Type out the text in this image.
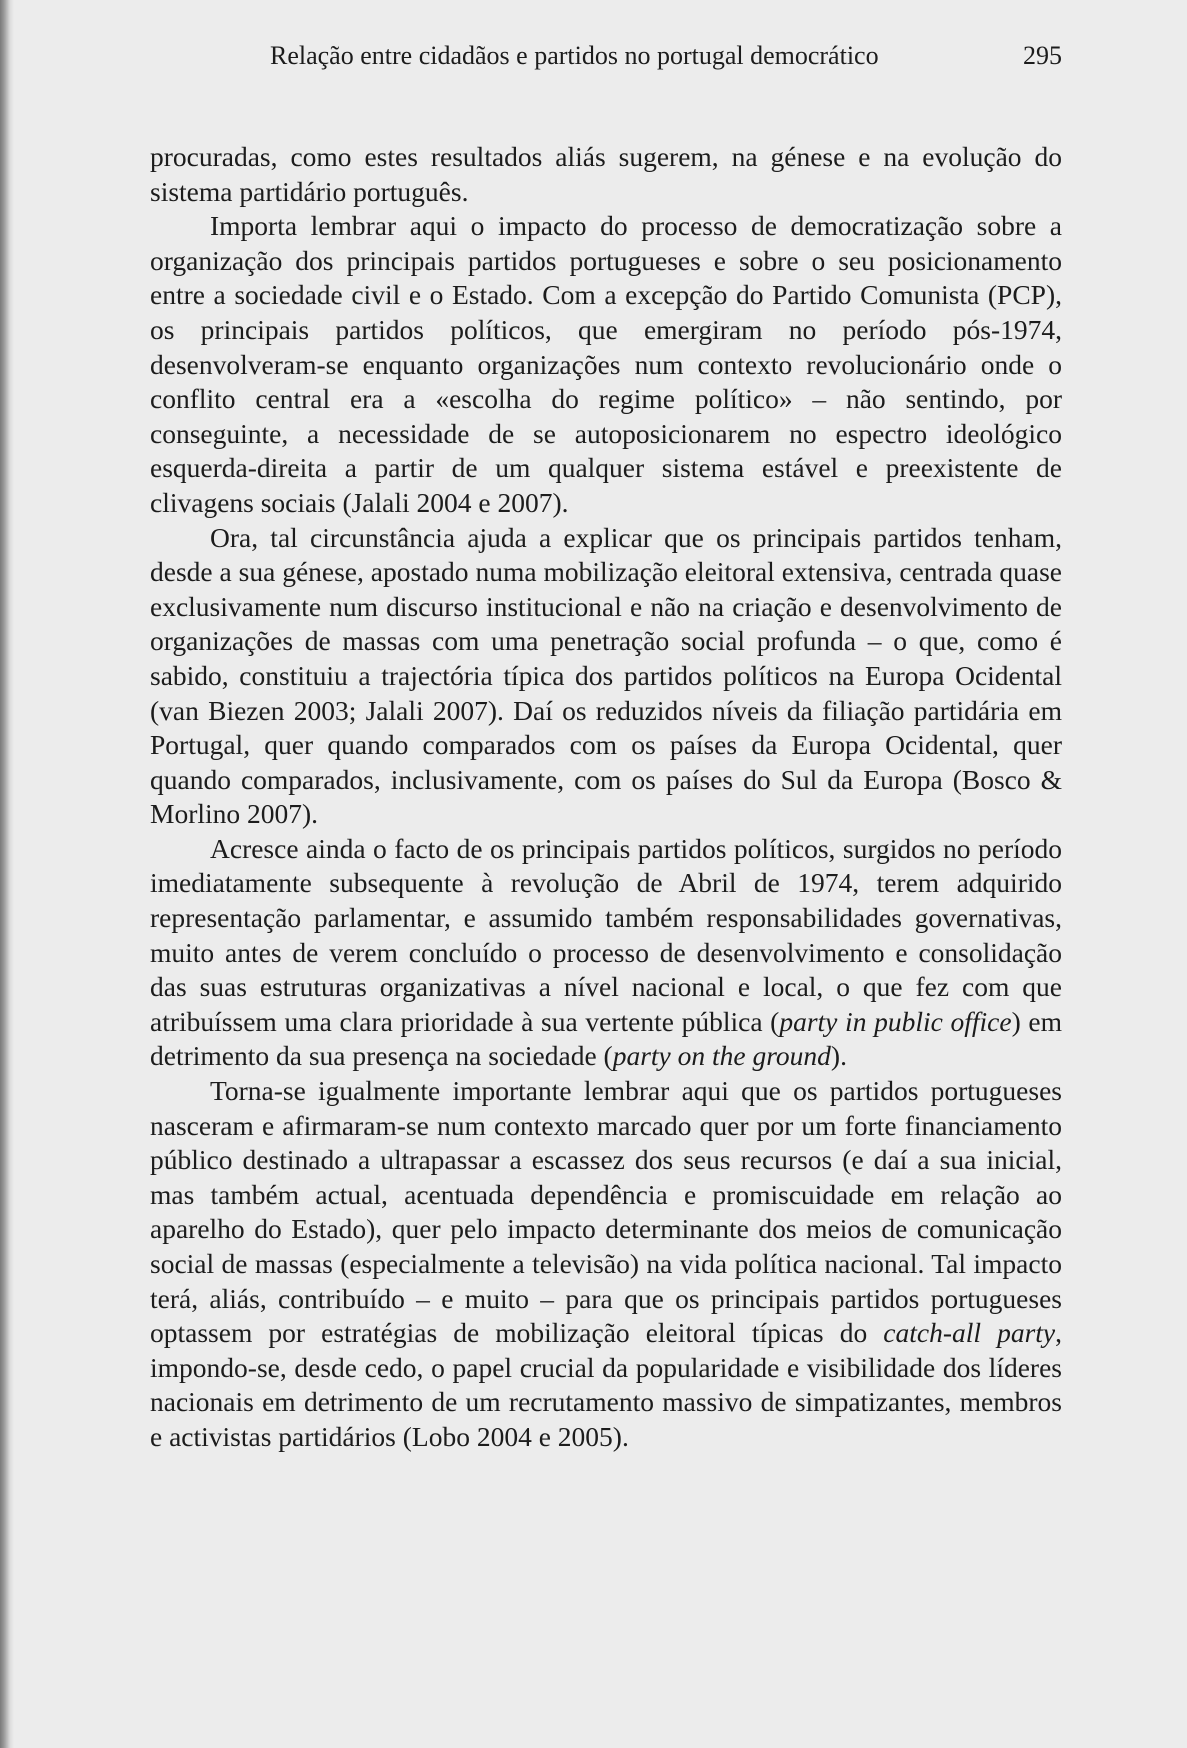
Relação entre cidadãos e partidos no portugal democrático	295

procuradas, como estes resultados aliás sugerem, na génese e na evolução do sistema partidário português.

Importa lembrar aqui o impacto do processo de democratização sobre a organização dos principais partidos portugueses e sobre o seu posicionamento entre a sociedade civil e o Estado. Com a excepção do Partido Comunista (PCP), os principais partidos políticos, que emergiram no período pós-1974, desenvolveram-se enquanto organizações num contexto revolucionário onde o conflito central era a «escolha do regime político» – não sentindo, por conseguinte, a necessidade de se autoposicionarem no espectro ideológico esquerda-direita a partir de um qualquer sistema estável e preexistente de clivagens sociais (Jalali 2004 e 2007).

Ora, tal circunstância ajuda a explicar que os principais partidos tenham, desde a sua génese, apostado numa mobilização eleitoral extensiva, centrada quase exclusivamente num discurso institucional e não na criação e desenvolvimento de organizações de massas com uma penetração social profunda – o que, como é sabido, constituiu a trajectória típica dos partidos políticos na Europa Ocidental (van Biezen 2003; Jalali 2007). Daí os reduzidos níveis da filiação partidária em Portugal, quer quando comparados com os países da Europa Ocidental, quer quando comparados, inclusivamente, com os países do Sul da Europa (Bosco & Morlino 2007).

Acresce ainda o facto de os principais partidos políticos, surgidos no período imediatamente subsequente à revolução de Abril de 1974, terem adquirido representação parlamentar, e assumido também responsabilidades governativas, muito antes de verem concluído o processo de desenvolvimento e consolidação das suas estruturas organizativas a nível nacional e local, o que fez com que atribuíssem uma clara prioridade à sua vertente pública (party in public office) em detrimento da sua presença na sociedade (party on the ground).

Torna-se igualmente importante lembrar aqui que os partidos portugueses nasceram e afirmaram-se num contexto marcado quer por um forte financiamento público destinado a ultrapassar a escassez dos seus recursos (e daí a sua inicial, mas também actual, acentuada dependência e promiscuidade em relação ao aparelho do Estado), quer pelo impacto determinante dos meios de comunicação social de massas (especialmente a televisão) na vida política nacional. Tal impacto terá, aliás, contribuído – e muito – para que os principais partidos portugueses optassem por estratégias de mobilização eleitoral típicas do catch-all party, impondo-se, desde cedo, o papel crucial da popularidade e visibilidade dos líderes nacionais em detrimento de um recrutamento massivo de simpatizantes, membros e activistas partidários (Lobo 2004 e 2005).
